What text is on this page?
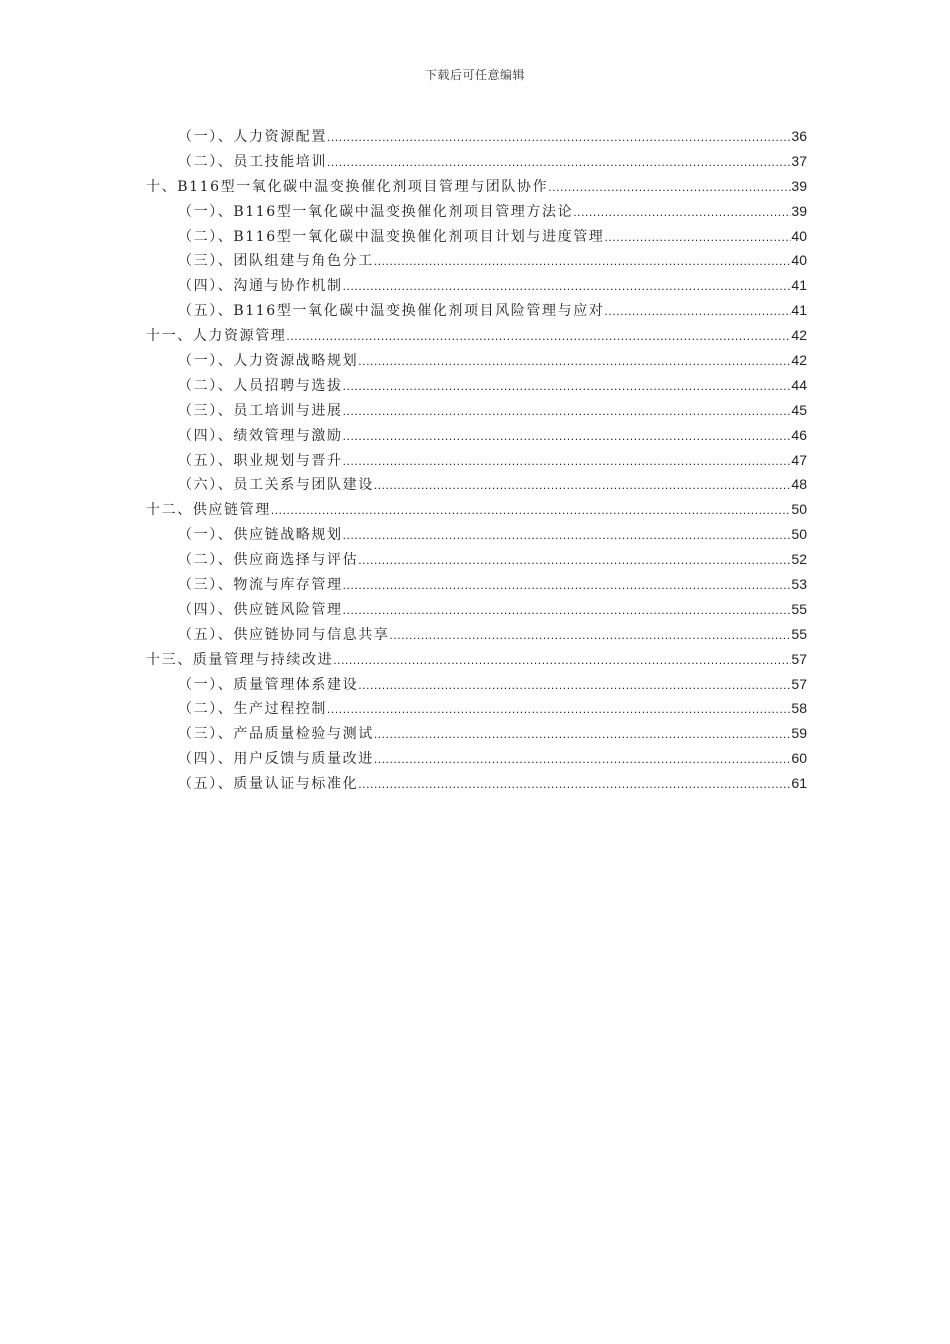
下载后可任意编辑
（一）、人力资源配置 .....	36
（二）、员工技能培训 .....	37
十、B116型一氧化碳中温变换催化剂项目管理与团队协作 .....	39
（一）、B116型一氧化碳中温变换催化剂项目管理方法论 .....	39
（二）、B116型一氧化碳中温变换催化剂项目计划与进度管理 .....	40
（三）、团队组建与角色分工 .....	40
（四）、沟通与协作机制 .....	41
（五）、B116型一氧化碳中温变换催化剂项目风险管理与应对 .....	41
十一、人力资源管理 .....	42
（一）、人力资源战略规划 .....	42
（二）、人员招聘与选拔 .....	44
（三）、员工培训与进展 .....	45
（四）、绩效管理与激励 .....	46
（五）、职业规划与晋升 .....	47
（六）、员工关系与团队建设 .....	48
十二、供应链管理 .....	50
（一）、供应链战略规划 .....	50
（二）、供应商选择与评估 .....	52
（三）、物流与库存管理 .....	53
（四）、供应链风险管理 .....	55
（五）、供应链协同与信息共享 .....	55
十三、质量管理与持续改进 .....	57
（一）、质量管理体系建设 .....	57
（二）、生产过程控制 .....	58
（三）、产品质量检验与测试 .....	59
（四）、用户反馈与质量改进 .....	60
（五）、质量认证与标准化 .....	61
